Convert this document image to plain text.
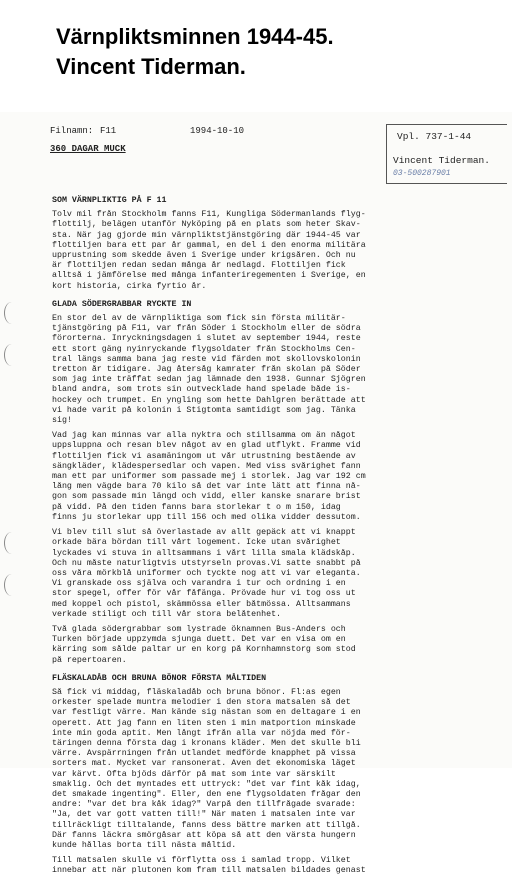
Värnpliktsminnen 1944-45.
Vincent Tiderman.
Filnamn: F11	1994-10-10
360 DAGAR MUCK
Vpl. 737-1-44
Vincent Tiderman.
03-500287901
SOM VÄRNPLIKTIG PÅ F 11
Tolv mil från Stockholm fanns F11, Kungliga Södermanlands flyg-
flottilj, belägen utanför Nyköping på en plats som heter Skav-
sta. När jag gjorde min värnpliktstjänstgöring där 1944-45 var
flottiljen bara ett par år gammal, en del i den enorma militära
upprustning som skedde även i Sverige under krigsåren. Och nu
är flottiljen redan sedan många år nedlagd. Flottiljen fick
alltså i jämförelse med många infanteriregementen i Sverige, en
kort historia, cirka fyrtio år.
GLADA SÖDERGRABBAR RYCKTE IN
En stor del av de värnpliktiga som fick sin första militär-
tjänstgöring på F11, var från Söder i Stockholm eller de södra
förorterna. Inryckningsdagen i slutet av september 1944, reste
ett stort gäng nyinryckande flygsoldater från Stockholms Cen-
tral längs samma bana jag reste vid färden mot skollovskolonin
tretton år tidigare. Jag återsåg kamrater från skolan på Söder
som jag inte träffat sedan jag lämnade den 1938. Gunnar Sjögren
bland andra, som trots sin outvecklade hand spelade både is-
hockey och trumpet. En yngling som hette Dahlgren berättade att
vi hade varit på kolonin i Stigtomta samtidigt som jag. Tänka
sig!
Vad jag kan minnas var alla nyktra och stillsamma om än något
uppsluppna och resan blev något av en glad utflykt. Framme vid
flottiljen fick vi asamäningom ut vår utrustning bestående av
sängkläder, klädespersedlar och vapen. Med viss svårighet fann
man ett par uniformer som passade mej i storlek. Jag var 192 cm
lång men vägde bara 70 kilo så det var inte lätt att finna nå-
gon som passade min längd och vidd, eller kanske snarare brist
på vidd. På den tiden fanns bara storlekar t o m 150, idag
finns ju storlekar upp till 156 och med olika vidder dessutom.
Vi blev till slut så överlastade av allt gepäck att vi knappt
orkade bära bördan till vårt logement. Icke utan svårighet
lyckades vi stuva in alltsammans i vårt lilla smala klädskåp.
Och nu måste naturligtvis utstyrseln provas.Vi satte snabbt på
oss våra mörkblå uniformer och tyckte nog att vi var eleganta.
Vi granskade oss själva och varandra i tur och ordning i en
stor spegel, offer för vår fåfänga. Prövade hur vi tog oss ut
med koppel och pistol, skämmössa eller båtmössa. Alltsammans
verkade stiligt och till vår stora belåtenhet.
Två glada södergrabbar som lystrade öknamnen Bus-Anders och
Turken började uppzymda sjunga duett. Det var en visa om en
kärring som sålde paltar ur en korg på Kornhamnstorg som stod
på repertoaren.
FLÄSKALADÅB OCH BRUNA BÖNOR FÖRSTA MÅLTIDEN
Så fick vi middag, fläskaladåb och bruna bönor. Fl:as egen
orkester spelade muntra melodier i den stora matsalen så det
var festligt värre. Man kände sig nästan som en deltagare i en
operett. Att jag fann en liten sten i min matportion minskade
inte min goda aptit. Men långt ifrån alla var nöjda med för-
täringen denna första dag i kronans kläder. Men det skulle bli
värre. Avspärrningen från utlandet medförde knapphet på vissa
sorters mat. Mycket var ransonerat. Även det ekonomiska läget
var kärvt. Ofta bjöds därför på mat som inte var särskilt
smaklig. Och det myntades ett uttryck: "det var fint kåk idag,
det smakade ingenting". Eller, den ene flygsoldaten frågar den
andre: "var det bra kåk idag?" Varpå den tillfrågade svarade:
"Ja, det var gott vatten till!" När maten i matsalen inte var
tillräckligt tilltalande, fanns dess bättre marken att tillgå.
Där fanns läckra smörgåsar att köpa så att den värsta hungern
kunde hållas borta till nästa måltid.
Till matsalen skulle vi förflytta oss i samlad tropp. Vilket
innebar att när plutonen kom fram till matsalen bildades genast
